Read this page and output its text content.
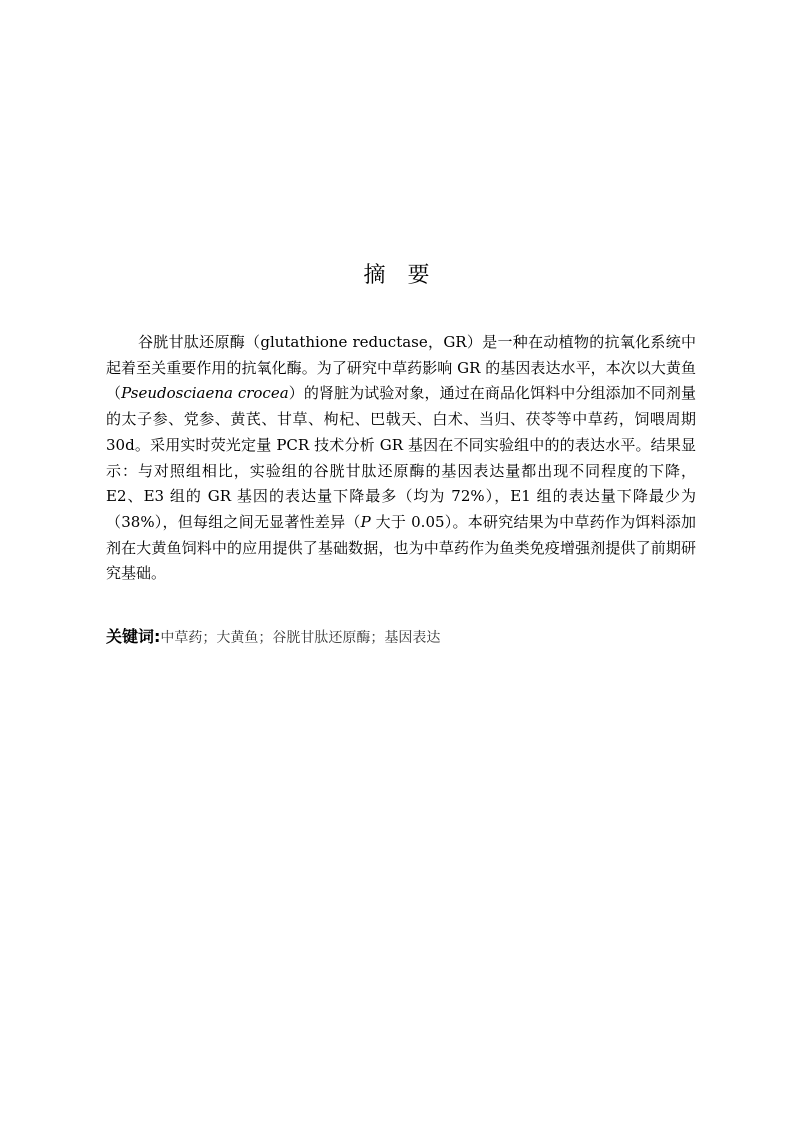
摘 要

谷胱甘肽还原酶（glutathione reductase，GR）是一种在动植物的抗氧化系统中起着至关重要作用的抗氧化酶。为了研究中草药影响 GR 的基因表达水平，本次以大黄鱼（Pseudosciaena crocea）的肾脏为试验对象，通过在商品化饵料中分组添加不同剂量的太子参、党参、黄芪、甘草、枸杞、巴戟天、白术、当归、茯苓等中草药，饲喂周期 30d。采用实时荧光定量 PCR 技术分析 GR 基因在不同实验组中的的表达水平。结果显示：与对照组相比，实验组的谷胱甘肽还原酶的基因表达量都出现不同程度的下降，E2、E3 组的 GR 基因的表达量下降最多（均为 72%），E1 组的表达量下降最少为（38%），但每组之间无显著性差异（P 大于 0.05）。本研究结果为中草药作为饵料添加剂在大黄鱼饲料中的应用提供了基础数据，也为中草药作为鱼类免疫增强剂提供了前期研究基础。

关键词:中草药；大黄鱼；谷胱甘肽还原酶；基因表达
